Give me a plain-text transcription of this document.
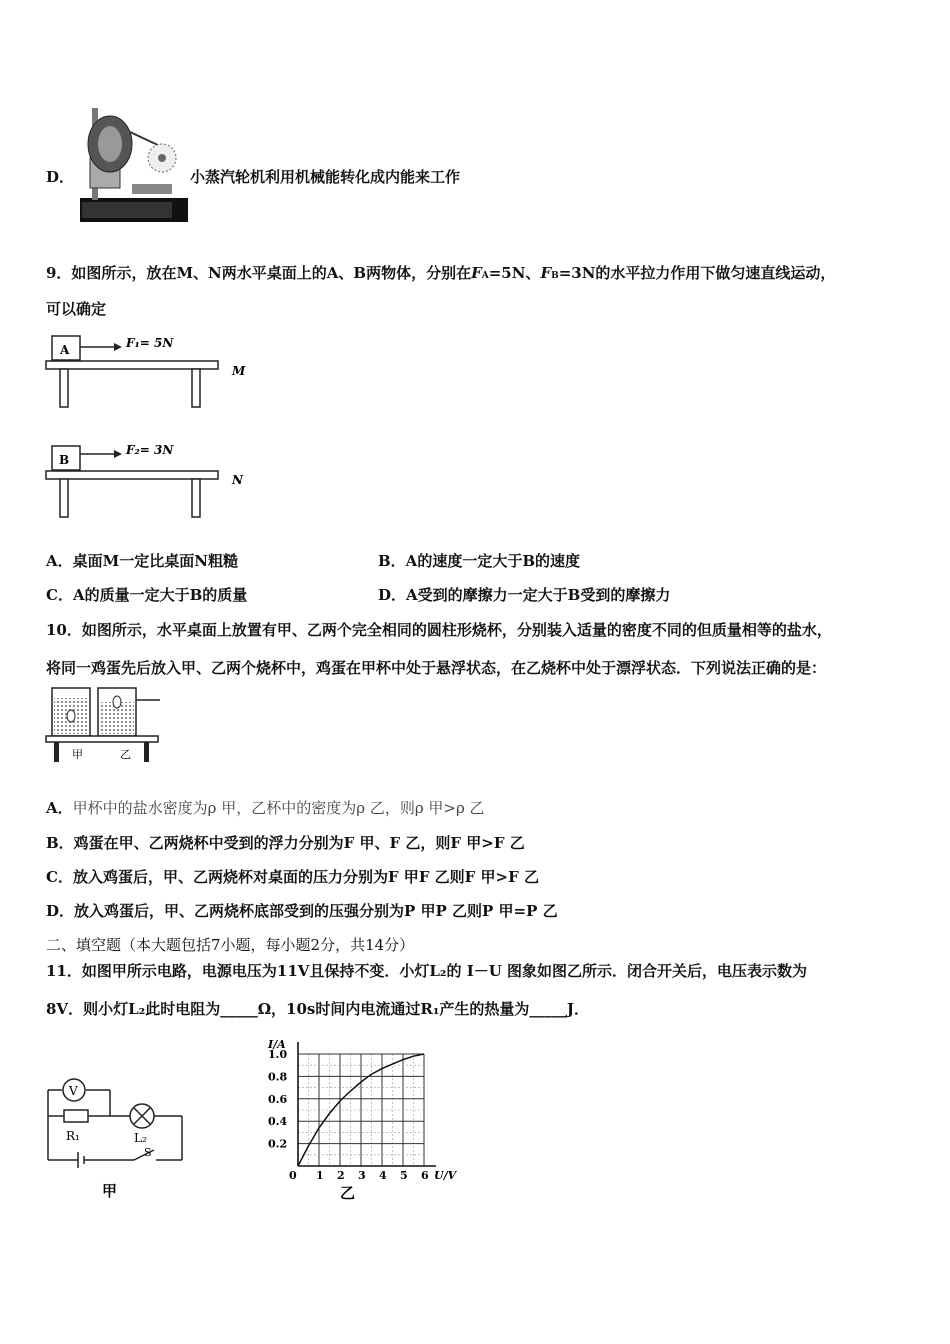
D．	小蒸汽轮机利用机械能转化成内能来工作
9．如图所示，放在M、N两水平桌面上的A、B两物体，分别在FA=5N、FB=3N的水平拉力作用下做匀速直线运动，
可以确定
A	F₁= 5N
M
B
F₂= 3N
N
A．桌面M一定比桌面N粗糙	B．A的速度一定大于B的速度
C．A的质量一定大于B的质量	D．A受到的摩擦力一定大于B受到的摩擦力
10．如图所示，水平桌面上放置有甲、乙两个完全相同的圆柱形烧杯，分别装入适量的密度不同的但质量相等的盐水，
将同一鸡蛋先后放入甲、乙两个烧杯中，鸡蛋在甲杯中处于悬浮状态，在乙烧杯中处于漂浮状态．下列说法正确的是：
甲	乙
A．甲杯中的盐水密度为ρ 甲，乙杯中的密度为ρ 乙，则ρ 甲>ρ 乙
B．鸡蛋在甲、乙两烧杯中受到的浮力分别为F 甲、F 乙，则F 甲>F 乙
C．放入鸡蛋后，甲、乙两烧杯对桌面的压力分别为F 甲F 乙则F 甲>F 乙
D．放入鸡蛋后，甲、乙两烧杯底部受到的压强分别为P 甲P 乙则P 甲=P 乙
二、填空题（本大题包括7小题，每小题2分，共14分）
11．如图甲所示电路，电源电压为11V且保持不变．小灯L₂的 I－U 图象如图乙所示．闭合开关后，电压表示数为
8V．则小灯L₂此时电阻为_____Ω，10s时间内电流通过R₁产生的热量为_____J．
V
R₁	L₂
S
甲
0 1 2 3 4 5 6
0.2
0.4
0.6
0.8
1.0
I/A
U/V
乙
